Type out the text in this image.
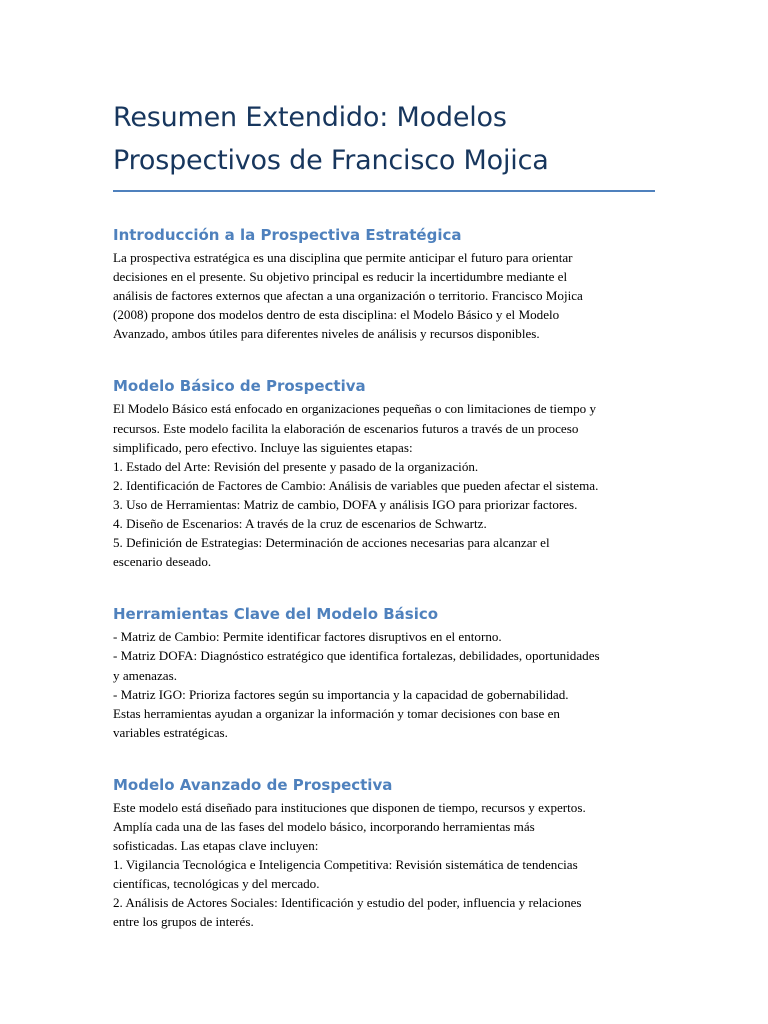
Resumen Extendido: Modelos
Prospectivos de Francisco Mojica
Introducción a la Prospectiva Estratégica

La prospectiva estratégica es una disciplina que permite anticipar el futuro para orientar
decisiones en el presente. Su objetivo principal es reducir la incertidumbre mediante el
análisis de factores externos que afectan a una organización o territorio. Francisco Mojica
(2008) propone dos modelos dentro de esta disciplina: el Modelo Básico y el Modelo
Avanzado, ambos útiles para diferentes niveles de análisis y recursos disponibles.

Modelo Básico de Prospectiva

El Modelo Básico está enfocado en organizaciones pequeñas o con limitaciones de tiempo y
recursos. Este modelo facilita la elaboración de escenarios futuros a través de un proceso
simplificado, pero efectivo. Incluye las siguientes etapas:
1. Estado del Arte: Revisión del presente y pasado de la organización.
2. Identificación de Factores de Cambio: Análisis de variables que pueden afectar el sistema.
3. Uso de Herramientas: Matriz de cambio, DOFA y análisis IGO para priorizar factores.
4. Diseño de Escenarios: A través de la cruz de escenarios de Schwartz.
5. Definición de Estrategias: Determinación de acciones necesarias para alcanzar el
escenario deseado.

Herramientas Clave del Modelo Básico

- Matriz de Cambio: Permite identificar factores disruptivos en el entorno.
- Matriz DOFA: Diagnóstico estratégico que identifica fortalezas, debilidades, oportunidades
y amenazas.
- Matriz IGO: Prioriza factores según su importancia y la capacidad de gobernabilidad.
Estas herramientas ayudan a organizar la información y tomar decisiones con base en
variables estratégicas.

Modelo Avanzado de Prospectiva

Este modelo está diseñado para instituciones que disponen de tiempo, recursos y expertos.
Amplía cada una de las fases del modelo básico, incorporando herramientas más
sofisticadas. Las etapas clave incluyen:
1. Vigilancia Tecnológica e Inteligencia Competitiva: Revisión sistemática de tendencias
científicas, tecnológicas y del mercado.
2. Análisis de Actores Sociales: Identificación y estudio del poder, influencia y relaciones
entre los grupos de interés.
